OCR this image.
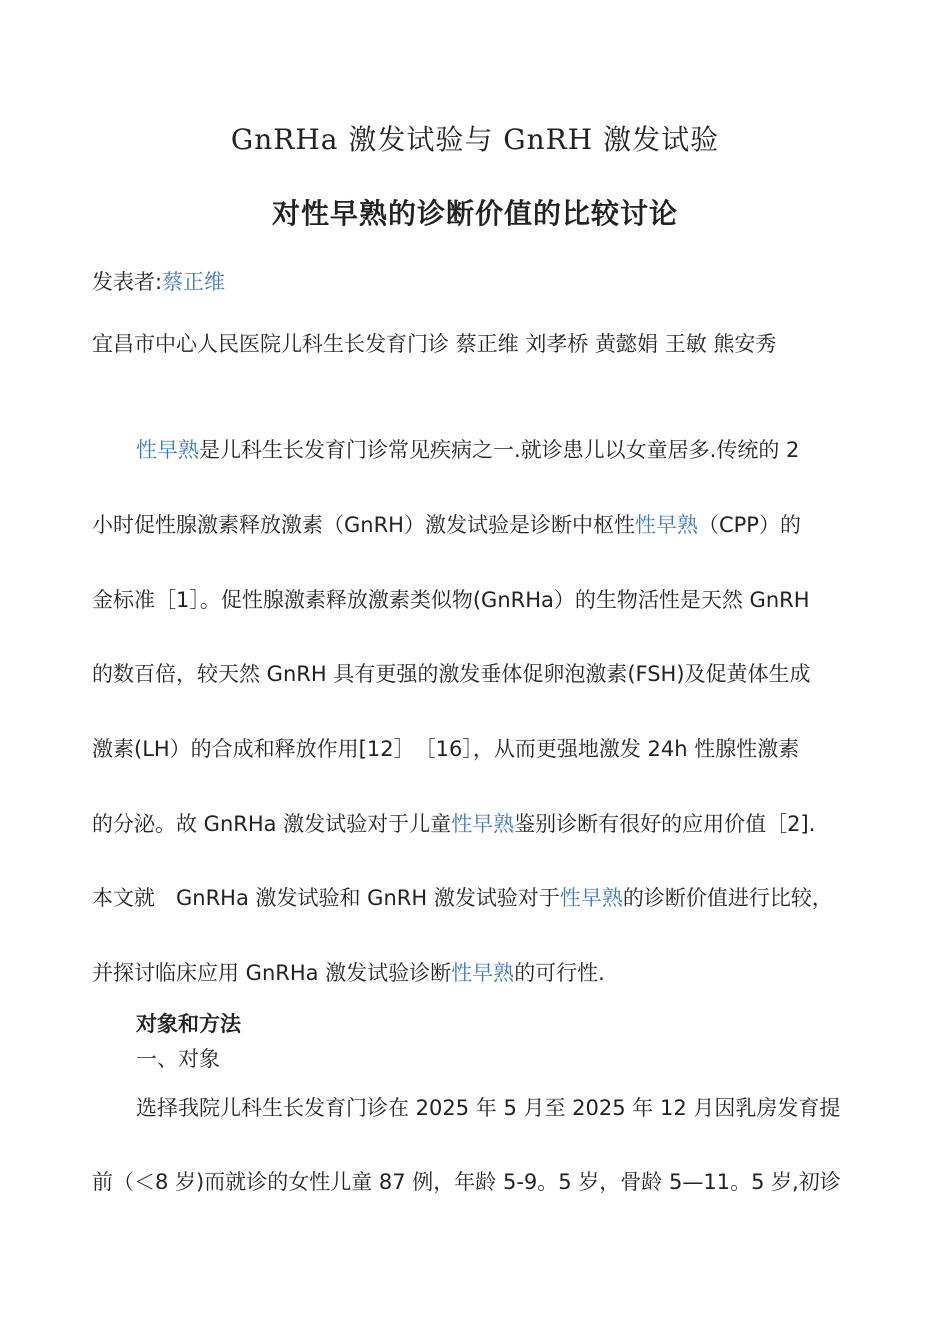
GnRHa 激发试验与 GnRH 激发试验
对性早熟的诊断价值的比较讨论
发表者:蔡正维
宜昌市中心人民医院儿科生长发育门诊 蔡正维 刘孝桥 黄懿娟 王敏 熊安秀
性早熟是儿科生长发育门诊常见疾病之一.就诊患儿以女童居多.传统的 2
小时促性腺激素释放激素（GnRH）激发试验是诊断中枢性性早熟（CPP）的
金标准［1］。促性腺激素释放激素类似物(GnRHa）的生物活性是天然 GnRH
的数百倍，较天然 GnRH 具有更强的激发垂体促卵泡激素(FSH)及促黄体生成
激素(LH）的合成和释放作用[12］　［16］，从而更强地激发 24h 性腺性激素
的分泌。故 GnRHa 激发试验对于儿童性早熟鉴别诊断有很好的应用价值［2].
本文就　GnRHa 激发试验和 GnRH 激发试验对于性早熟的诊断价值进行比较，
并探讨临床应用 GnRHa 激发试验诊断性早熟的可行性.
对象和方法
一、对象
选择我院儿科生长发育门诊在 2025 年 5 月至 2025 年 12 月因乳房发育提
前（＜8 岁)而就诊的女性儿童 87 例，年龄 5-9。5 岁，骨龄 5—11。5 岁,初诊
